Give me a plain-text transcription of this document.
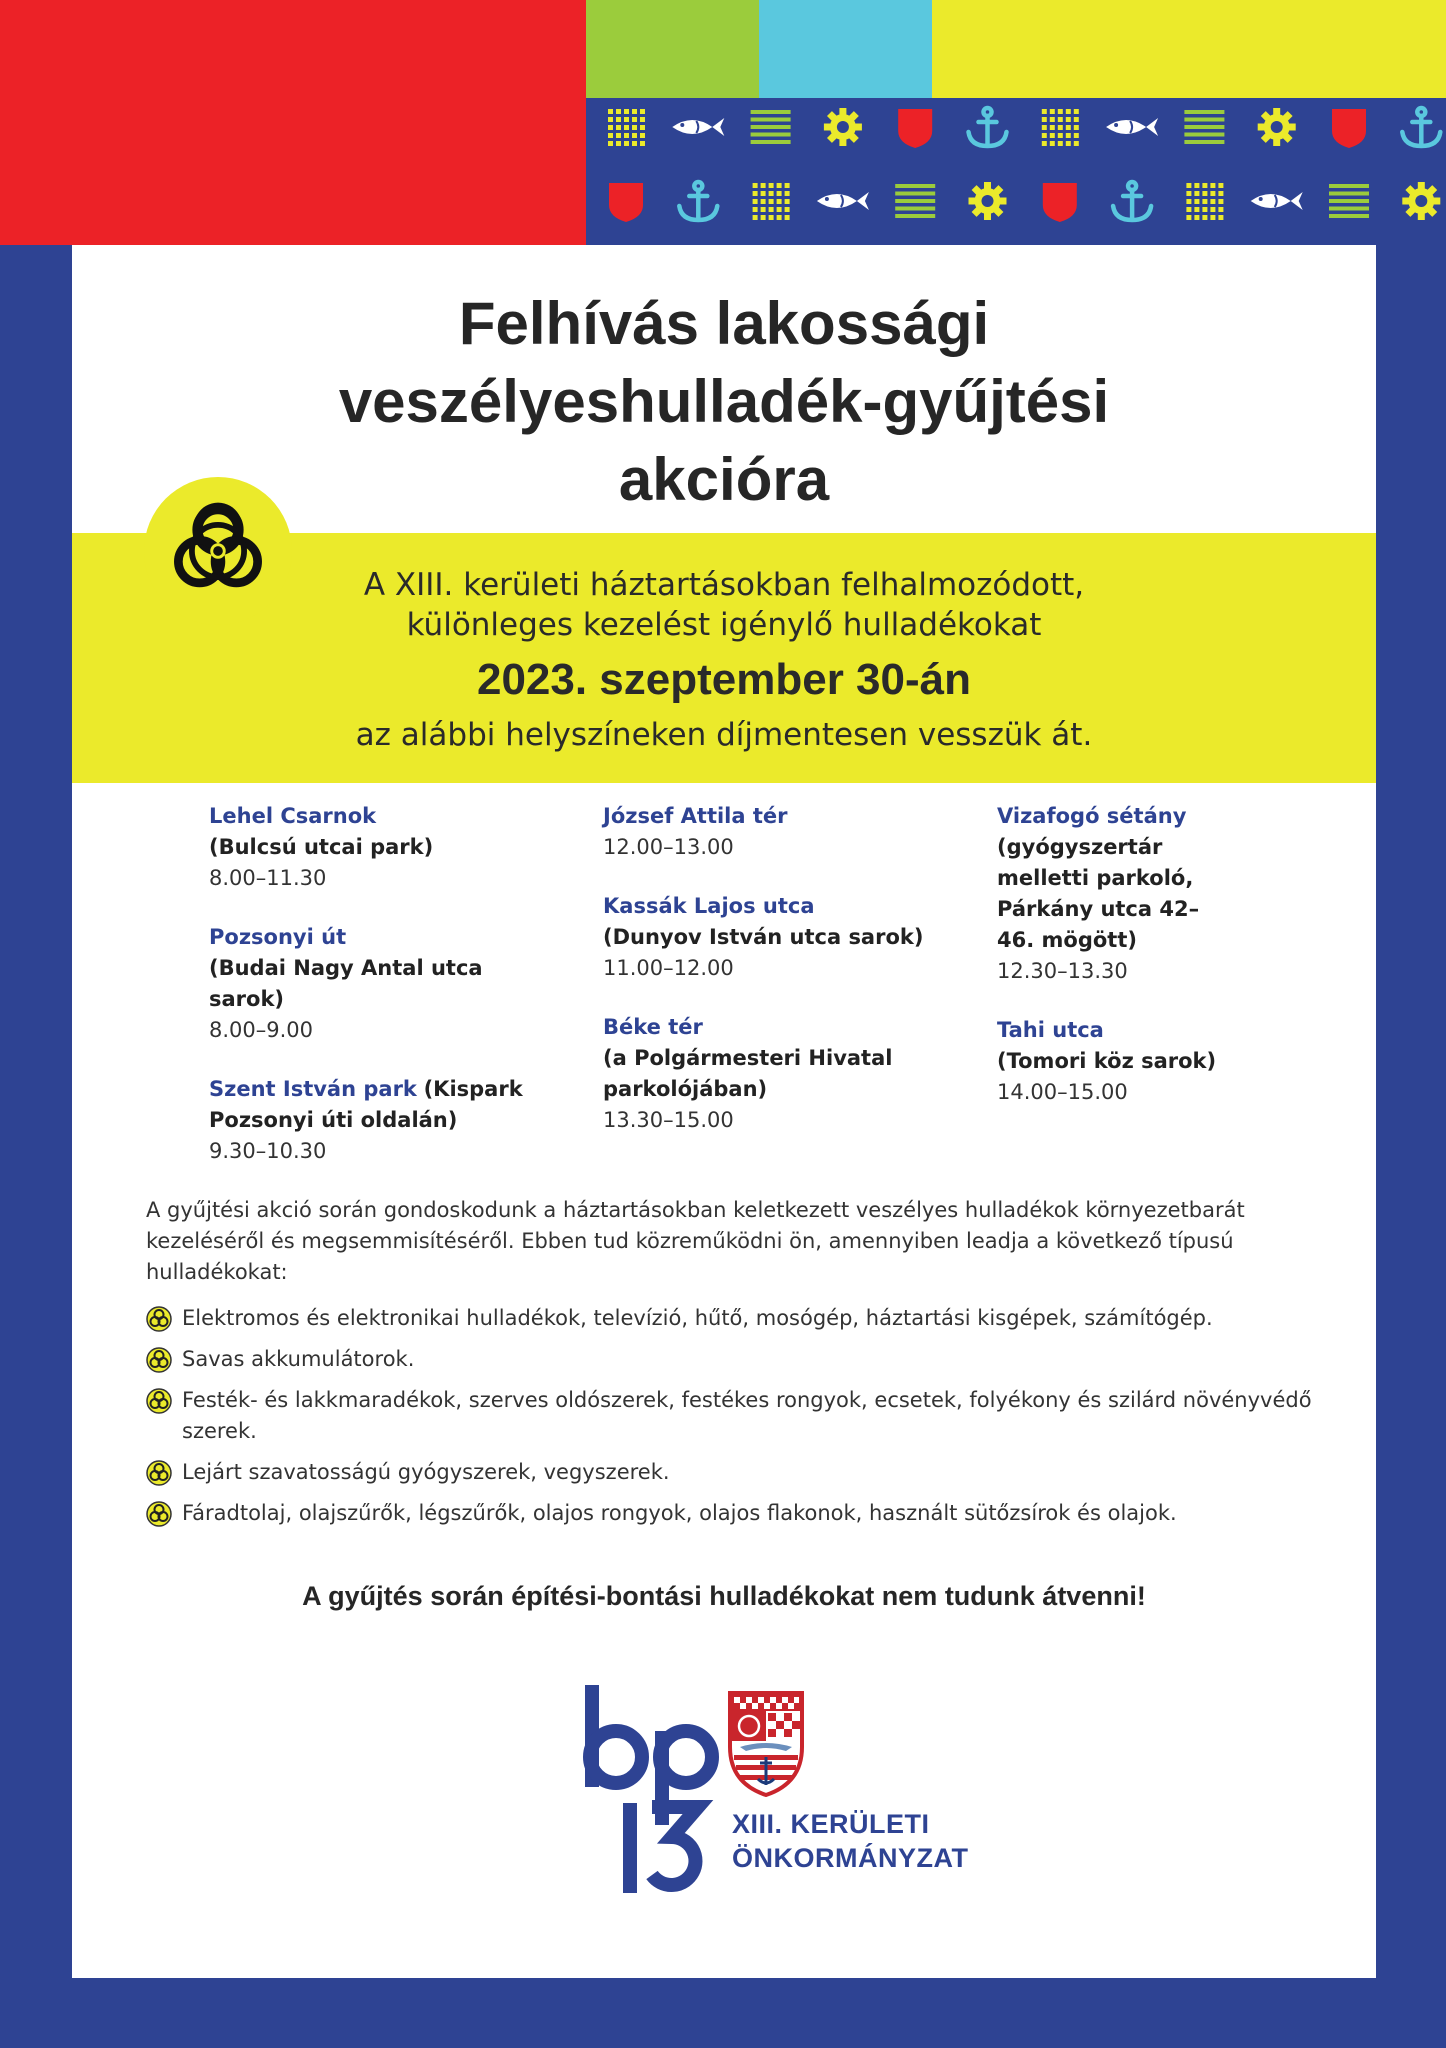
Felhívás lakossági
veszélyeshulladék-gyűjtési
akcióra
A XIII. kerületi háztartásokban felhalmozódott,
különleges kezelést igénylő hulladékokat
2023. szeptember 30-án
az alábbi helyszíneken díjmentesen vesszük át.
Lehel Csarnok
(Bulcsú utcai park)
8.00–11.30
Pozsonyi út
(Budai Nagy Antal utca sarok)
8.00–9.00
Szent István park (Kispark Pozsonyi úti oldalán)
9.30–10.30
József Attila tér
12.00–13.00
Kassák Lajos utca
(Dunyov István utca sarok)
11.00–12.00
Béke tér
(a Polgármesteri Hivatal parkolójában)
13.30–15.00
Vizafogó sétány
(gyógyszertár melletti parkoló, Párkány utca 42–46. mögött)
12.30–13.30
Tahi utca
(Tomori köz sarok)
14.00–15.00

A gyűjtési akció során gondoskodunk a háztartásokban keletkezett veszélyes hulladékok környezetbarát kezeléséről és megsemmisítéséről. Ebben tud közreműködni ön, amennyiben leadja a következő típusú hulladékokat:

Elektromos és elektronikai hulladékok, televízió, hűtő, mosógép, háztartási kisgépek, számítógép.
Savas akkumulátorok.
Festék- és lakkmaradékok, szerves oldószerek, festékes rongyok, ecsetek, folyékony és szilárd növényvédő szerek.
Lejárt szavatosságú gyógyszerek, vegyszerek.
Fáradtolaj, olajszűrők, légszűrők, olajos rongyok, olajos flakonok, használt sütőzsírok és olajok.
A gyűjtés során építési-bontási hulladékokat nem tudunk átvenni!
XIII. KERÜLETI
ÖNKORMÁNYZAT
